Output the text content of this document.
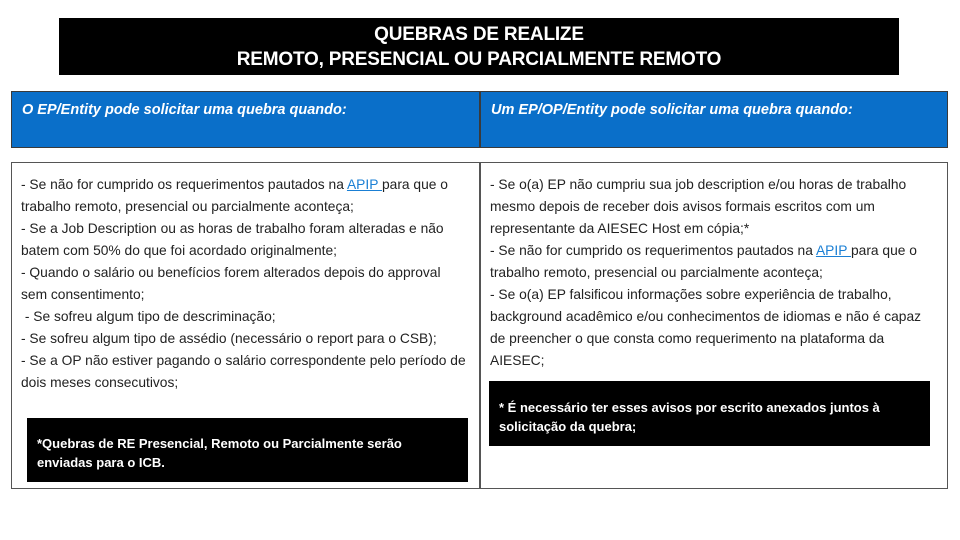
QUEBRAS DE REALIZE
REMOTO, PRESENCIAL OU PARCIALMENTE REMOTO
O EP/Entity pode solicitar uma quebra quando:	Um EP/OP/Entity pode solicitar uma quebra quando:
- Se não for cumprido os requerimentos pautados na APIP para que o trabalho remoto, presencial ou parcialmente aconteça;
- Se a Job Description ou as horas de trabalho foram alteradas e não batem com 50% do que foi acordado originalmente;
- Quando o salário ou benefícios forem alterados depois do approval sem consentimento;
- Se sofreu algum tipo de descriminação;
- Se sofreu algum tipo de assédio (necessário o report para o CSB);
- Se a OP não estiver pagando o salário correspondente pelo período de dois meses consecutivos;
- Se o(a) EP não cumpriu sua job description e/ou horas de trabalho mesmo depois de receber dois avisos formais escritos com um representante da AIESEC Host em cópia;*
- Se não for cumprido os requerimentos pautados na APIP para que o trabalho remoto, presencial ou parcialmente aconteça;
- Se o(a) EP falsificou informações sobre experiência de trabalho, background acadêmico e/ou conhecimentos de idiomas e não é capaz de preencher o que consta como requerimento na plataforma da AIESEC;
*Quebras de RE Presencial, Remoto ou Parcialmente serão enviadas para o ICB.
* É necessário ter esses avisos por escrito anexados juntos à solicitação da quebra;
